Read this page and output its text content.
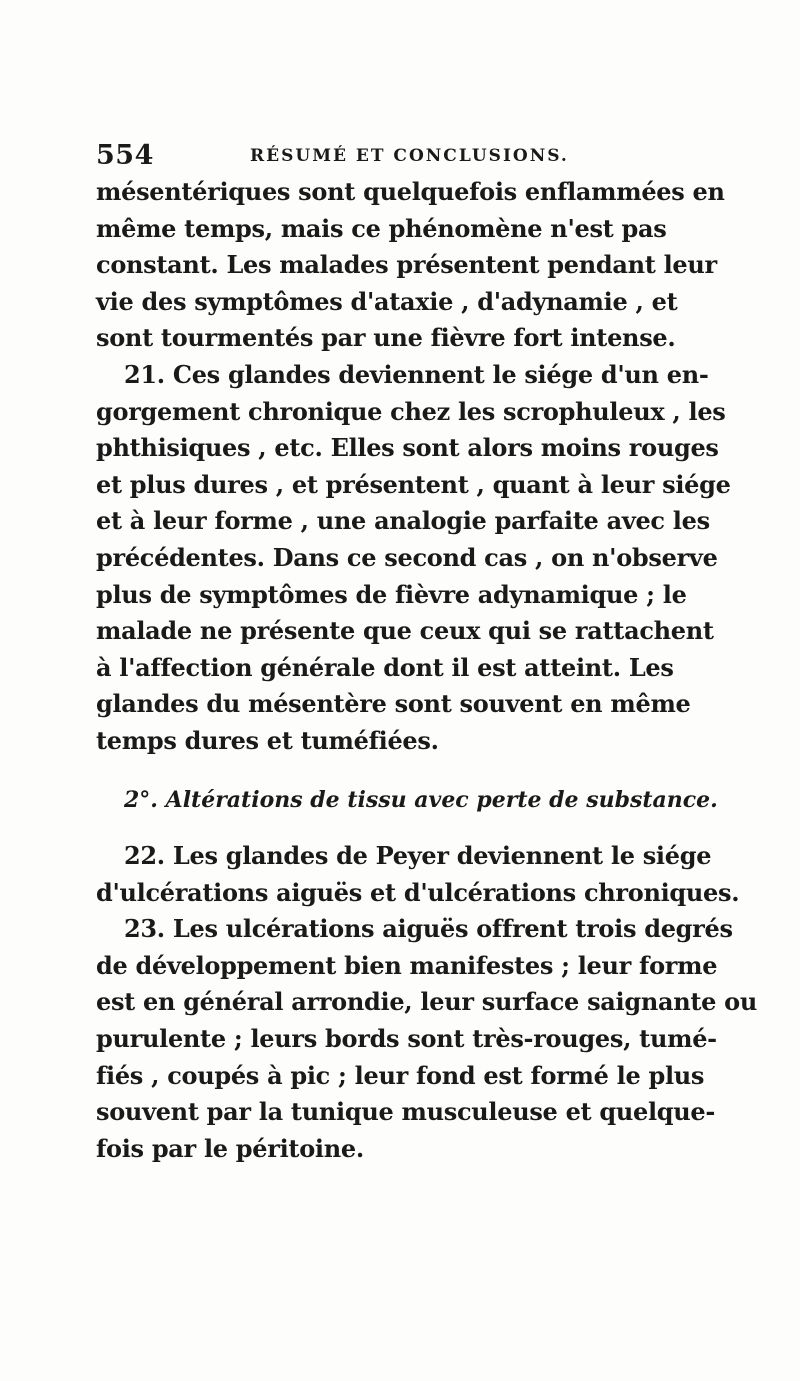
554	RÉSUMÉ ET CONCLUSIONS.
mésentériques sont quelquefois enflammées en
même temps, mais ce phénomène n'est pas
constant. Les malades présentent pendant leur
vie des symptômes d'ataxie , d'adynamie , et
sont tourmentés par une fièvre fort intense.
21. Ces glandes deviennent le siége d'un en-
gorgement chronique chez les scrophuleux , les
phthisiques , etc. Elles sont alors moins rouges
et plus dures , et présentent , quant à leur siége
et à leur forme , une analogie parfaite avec les
précédentes. Dans ce second cas , on n'observe
plus de symptômes de fièvre adynamique ; le
malade ne présente que ceux qui se rattachent
à l'affection générale dont il est atteint. Les
glandes du mésentère sont souvent en même
temps dures et tuméfiées.
2°. Altérations de tissu avec perte de substance.
22. Les glandes de Peyer deviennent le siége
d'ulcérations aiguës et d'ulcérations chroniques.
23. Les ulcérations aiguës offrent trois degrés
de développement bien manifestes ; leur forme
est en général arrondie, leur surface saignante ou
purulente ; leurs bords sont très-rouges, tumé-
fiés , coupés à pic ; leur fond est formé le plus
souvent par la tunique musculeuse et quelque-
fois par le péritoine.
